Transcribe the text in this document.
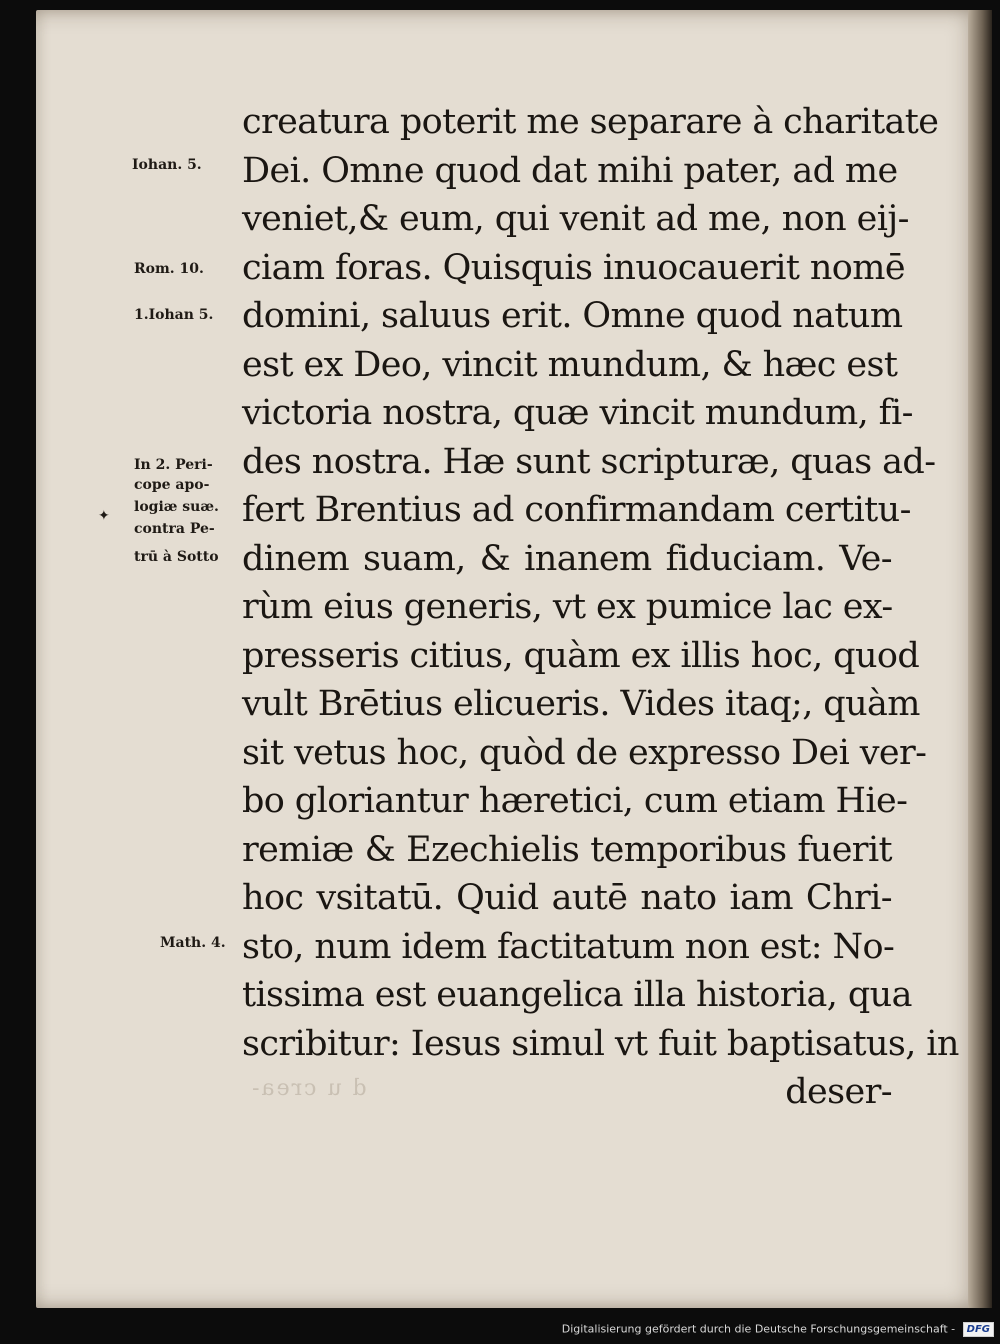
d u crea-
creatura poterit me separare à charitate
Dei. Omne quod dat mihi pater, ad me
veniet,& eum, qui venit ad me, non eij-
ciam foras. Quisquis inuocauerit nomē
domini, saluus erit. Omne quod natum
est ex Deo, vincit mundum, & hæc est
victoria nostra, quæ vincit mundum, fi-
des nostra. Hæ sunt scripturæ, quas ad-
fert Brentius ad confirmandam certitu-
dinem suam, & inanem fiduciam. Ve-
rùm eius generis, vt ex pumice lac ex-
presseris citius, quàm ex illis hoc, quod
vult Brētius elicueris. Vides itaq;, quàm
sit vetus hoc, quòd de expresso Dei ver-
bo gloriantur hæretici, cum etiam Hie-
remiæ & Ezechielis temporibus fuerit
hoc vsitatū. Quid autē nato iam Chri-
sto, num idem factitatum non est: No-
tissima est euangelica illa historia, qua
scribitur: Iesus simul vt fuit baptisatus, in
deser-
Iohan. 5.
Rom. 10.
1.Iohan 5.
In 2. Peri-
cope apo-
logiæ suæ.
contra Pe-
trū à Sotto
✦
Math. 4.
Digitalisierung gefördert durch die Deutsche Forschungsgemeinschaft - DFG
